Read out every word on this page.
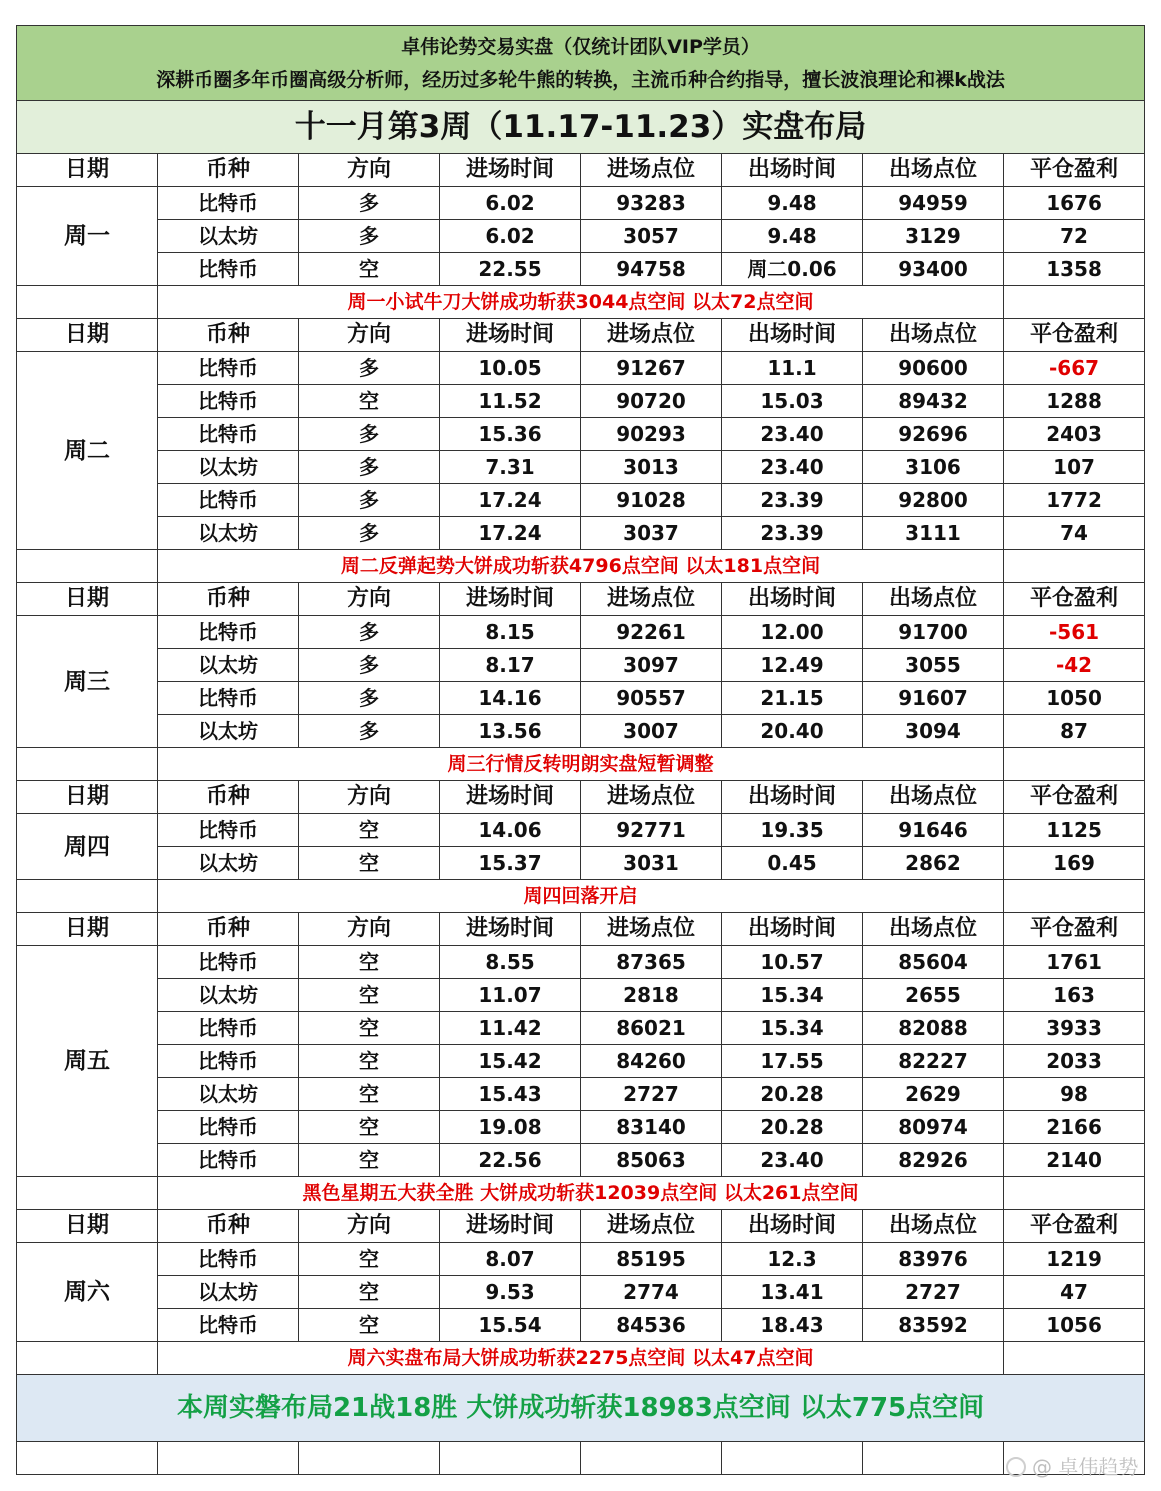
卓伟论势交易实盘（仅统计团队VIP学员）							
深耕币圈多年币圈高级分析师，经历过多轮牛熊的转换，主流币种合约指导，擅长波浪理论和裸k战法							
十一月第3周（11.17-11.23）实盘布局							
日期	币种	方向	进场时间	进场点位	出场时间	出场点位	平仓盈利
周一	比特币	多	6.02	93283	9.48	94959	1676
	以太坊	多	6.02	3057	9.48	3129	72
	比特币	空	22.55	94758	周二0.06	93400	1358
	周一小试牛刀大饼成功斩获3044点空间 以太72点空间						
日期	币种	方向	进场时间	进场点位	出场时间	出场点位	平仓盈利
周二	比特币	多	10.05	91267	11.1	90600	-667
	比特币	空	11.52	90720	15.03	89432	1288
	比特币	多	15.36	90293	23.40	92696	2403
	以太坊	多	7.31	3013	23.40	3106	107
	比特币	多	17.24	91028	23.39	92800	1772
	以太坊	多	17.24	3037	23.39	3111	74
	周二反弹起势大饼成功斩获4796点空间 以太181点空间						
日期	币种	方向	进场时间	进场点位	出场时间	出场点位	平仓盈利
周三	比特币	多	8.15	92261	12.00	91700	-561
	以太坊	多	8.17	3097	12.49	3055	-42
	比特币	多	14.16	90557	21.15	91607	1050
	以太坊	多	13.56	3007	20.40	3094	87
	周三行情反转明朗实盘短暂调整						
日期	币种	方向	进场时间	进场点位	出场时间	出场点位	平仓盈利
周四	比特币	空	14.06	92771	19.35	91646	1125
	以太坊	空	15.37	3031	0.45	2862	169
	周四回落开启						
日期	币种	方向	进场时间	进场点位	出场时间	出场点位	平仓盈利
周五	比特币	空	8.55	87365	10.57	85604	1761
	以太坊	空	11.07	2818	15.34	2655	163
	比特币	空	11.42	86021	15.34	82088	3933
	比特币	空	15.42	84260	17.55	82227	2033
	以太坊	空	15.43	2727	20.28	2629	98
	比特币	空	19.08	83140	20.28	80974	2166
	比特币	空	22.56	85063	23.40	82926	2140
	黑色星期五大获全胜 大饼成功斩获12039点空间 以太261点空间						
日期	币种	方向	进场时间	进场点位	出场时间	出场点位	平仓盈利
周六	比特币	空	8.07	85195	12.3	83976	1219
	以太坊	空	9.53	2774	13.41	2727	47
	比特币	空	15.54	84536	18.43	83592	1056
	周六实盘布局大饼成功斩获2275点空间 以太47点空间						
本周实磐布局21战18胜 大饼成功斩获18983点空间 以太775点空间							

@ 卓伟趋势
